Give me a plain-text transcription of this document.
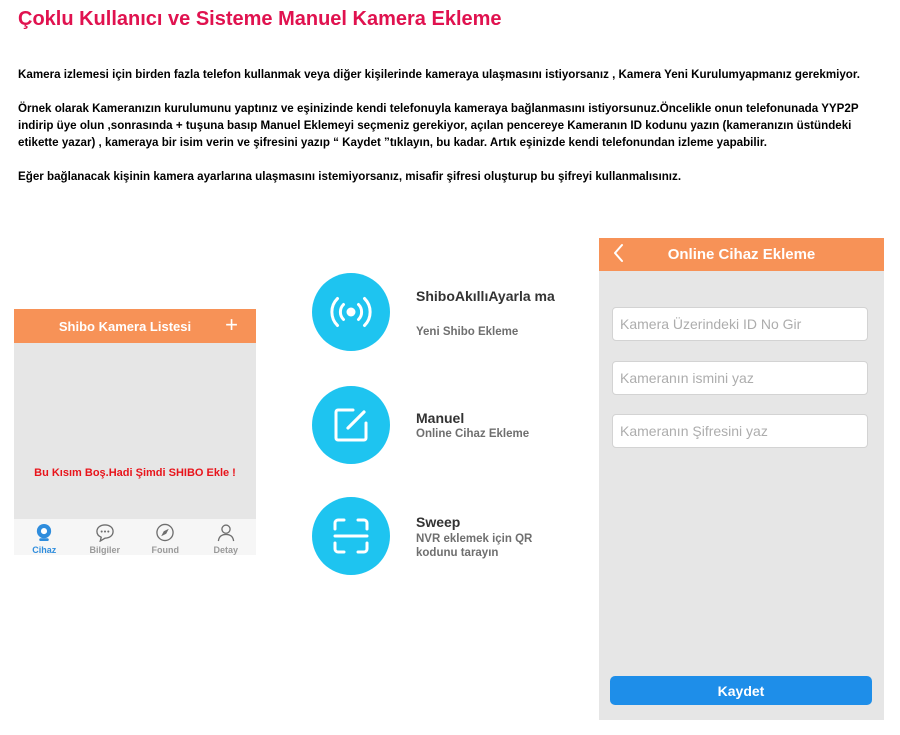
Çoklu Kullanıcı ve Sisteme Manuel Kamera Ekleme
Kamera izlemesi için birden fazla telefon kullanmak veya diğer kişilerinde kameraya ulaşmasını istiyorsanız , Kamera Yeni Kurulumyapmanız gerekmiyor.
Örnek olarak Kameranızın kurulumunu yaptınız ve eşinizinde kendi telefonuyla kameraya bağlanmasını istiyorsunuz.Öncelikle onun telefonunada YYP2P indirip üye olun ,sonrasında + tuşuna basıp Manuel Eklemeyi seçmeniz gerekiyor, açılan pencereye Kameranın ID kodunu yazın (kameranızın üstündeki etikette yazar) , kameraya bir isim verin ve şifresini yazıp “ Kaydet ”tıklayın, bu kadar. Artık eşinizde kendi telefonundan izleme yapabilir.
Eğer bağlanacak kişinin kamera ayarlarına ulaşmasını istemiyorsanız, misafir şifresi oluşturup bu şifreyi kullanmalısınız.
Shibo Kamera Listesi +
Bu Kısım Boş.Hadi Şimdi SHIBO Ekle !
Cihaz	Bilgiler	Found	Detay
ShiboAkıllıAyarla ma
Yeni Shibo Ekleme
Manuel
Online Cihaz Ekleme
Sweep
NVR eklemek için QR kodunu tarayın
Online Cihaz Ekleme
Kamera Üzerindeki ID No Gir
Kameranın ismini yaz
Kameranın Şifresini yaz
Kaydet
